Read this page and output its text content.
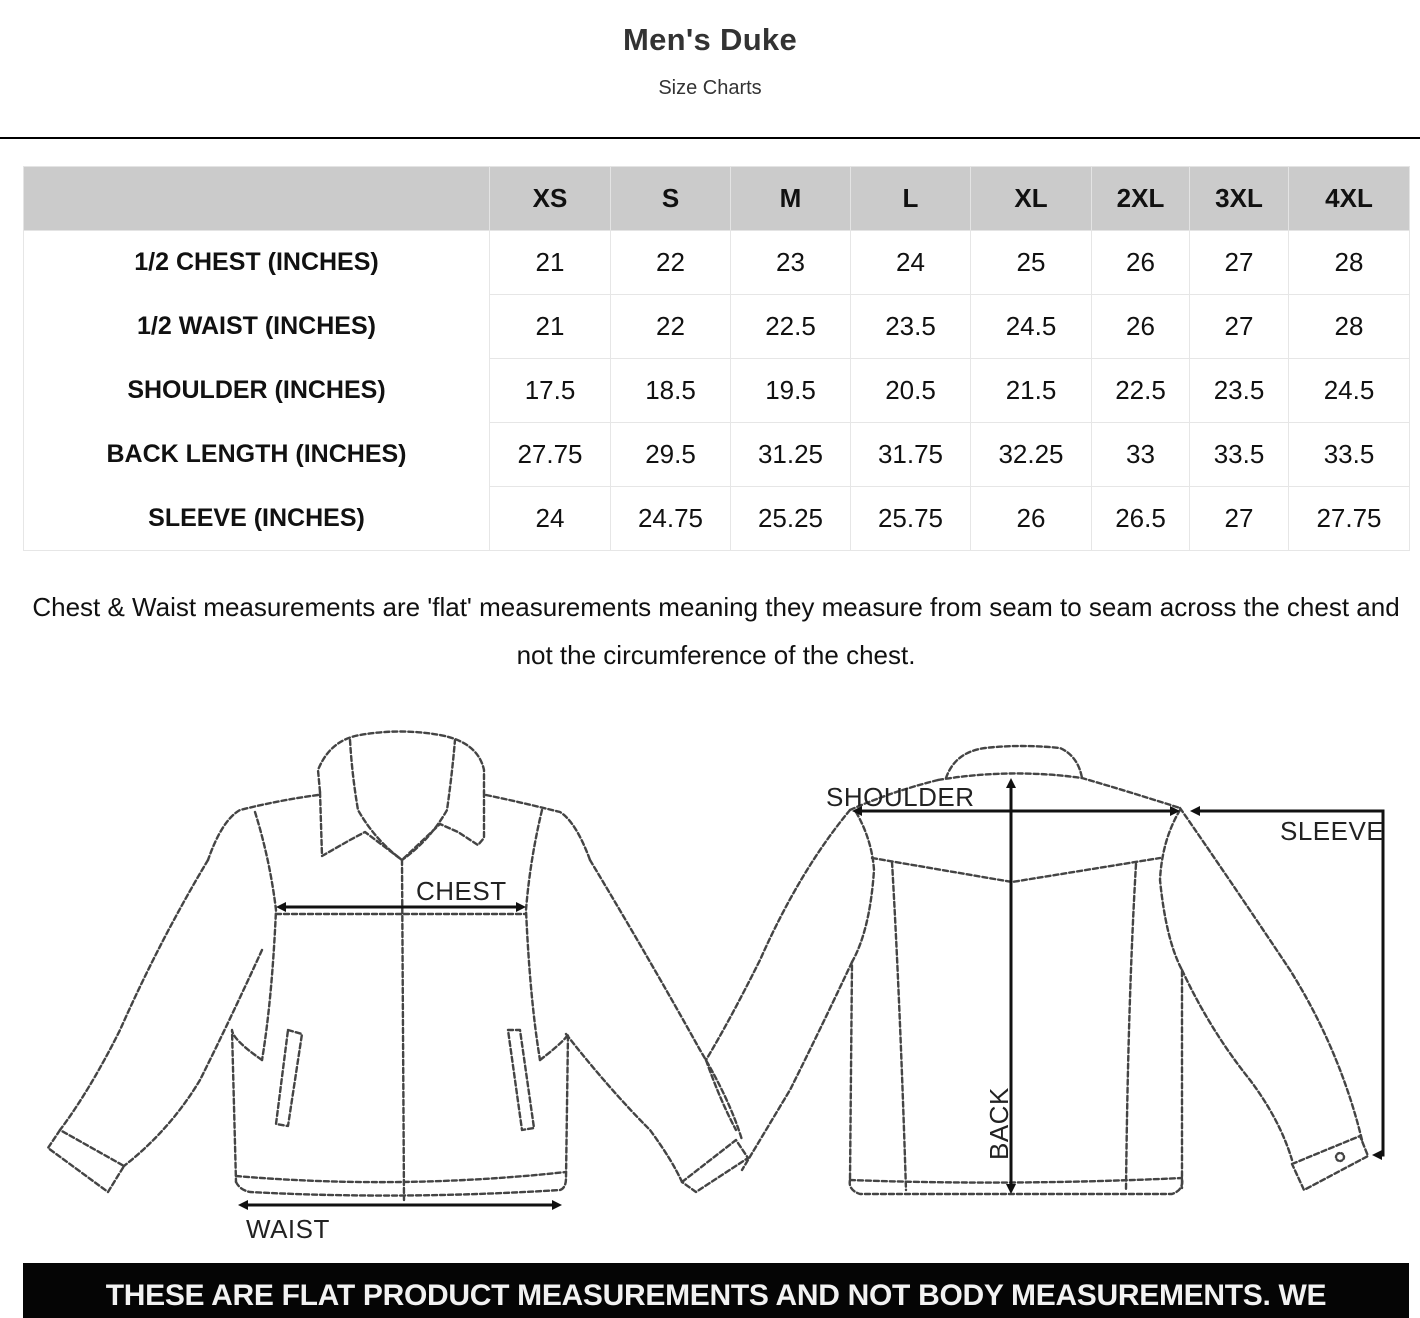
Men's Duke
Size Charts
	XS	S	M	L	XL	2XL	3XL	4XL
1/2 CHEST (INCHES)	21	22	23	24	25	26	27	28
1/2 WAIST (INCHES)	21	22	22.5	23.5	24.5	26	27	28
SHOULDER (INCHES)	17.5	18.5	19.5	20.5	21.5	22.5	23.5	24.5
BACK LENGTH (INCHES)	27.75	29.5	31.25	31.75	32.25	33	33.5	33.5
SLEEVE (INCHES)	24	24.75	25.25	25.75	26	26.5	27	27.75

Chest & Waist measurements are 'flat' measurements meaning they measure from seam to seam across the chest and not the circumference of the chest.

CHEST
WAIST
SHOULDER
SLEEVE
BACK
THESE ARE FLAT PRODUCT MEASUREMENTS AND NOT BODY MEASUREMENTS. WE
